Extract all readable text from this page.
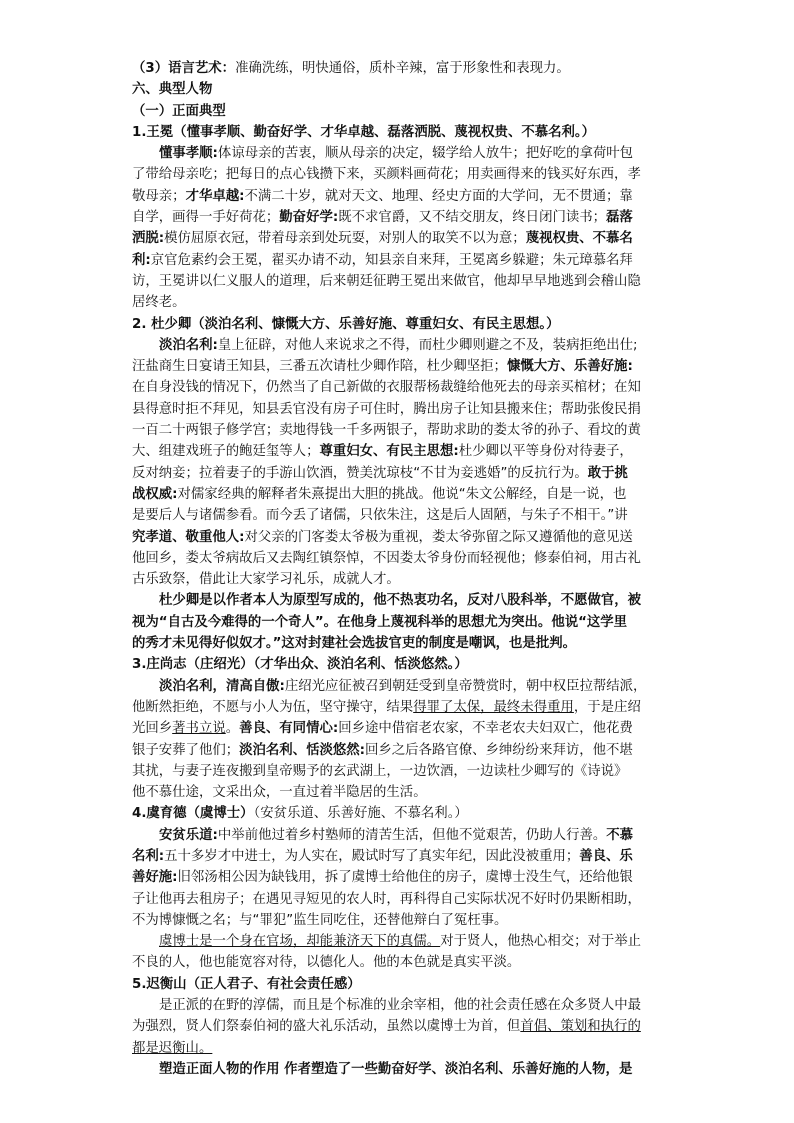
（3）语言艺术：准确洗练，明快通俗，质朴辛辣，富于形象性和表现力。
六、典型人物
（一）正面典型
1.王冕（懂事孝顺、勤奋好学、才华卓越、磊落洒脱、蔑视权贵、不慕名利。）
懂事孝顺:体谅母亲的苦衷，顺从母亲的决定，辍学给人放牛；把好吃的拿荷叶包
了带给母亲吃；把每日的点心钱攒下来，买颜料画荷花；用卖画得来的钱买好东西，孝
敬母亲；才华卓越:不满二十岁，就对天文、地理、经史方面的大学问，无不贯通；靠
自学，画得一手好荷花；勤奋好学:既不求官爵，又不结交朋友，终日闭门读书；磊落
洒脱:模仿屈原衣冠，带着母亲到处玩耍，对别人的取笑不以为意；蔑视权贵、不慕名
利:京官危素约会王冕，翟买办请不动，知县亲自来拜，王冕离乡躲避；朱元璋慕名拜
访，王冕讲以仁义服人的道理，后来朝廷征聘王冕出来做官，他却早早地逃到会稽山隐
居终老。
2. 杜少卿（淡泊名利、慷慨大方、乐善好施、尊重妇女、有民主思想。）
淡泊名利:皇上征辟，对他人来说求之不得，而杜少卿则避之不及，装病拒绝出仕;
汪盐商生日宴请王知县，三番五次请杜少卿作陪，杜少卿坚拒；慷慨大方、乐善好施:
在自身没钱的情况下，仍然当了自己新做的衣服帮杨裁缝给他死去的母亲买棺材；在知
县得意时拒不拜见，知县丢官没有房子可住时，腾出房子让知县搬来住；帮助张俊民捐
一百二十两银子修学宫；卖地得钱一千多两银子，帮助求助的娄太爷的孙子、看坟的黄
大、组建戏班子的鲍廷玺等人；尊重妇女、有民主思想:杜少卿以平等身份对待妻子，
反对纳妾；拉着妻子的手游山饮酒，赞美沈琼枝“不甘为妾逃婚”的反抗行为。敢于挑
战权威:对儒家经典的解释者朱熹提出大胆的挑战。他说“朱文公解经，自是一说，也
是要后人与诸儒参看。而今丢了诸儒，只依朱注，这是后人固陋，与朱子不相干。”讲
究孝道、敬重他人:对父亲的门客娄太爷极为重视，娄太爷弥留之际又遵循他的意见送
他回乡，娄太爷病故后又去陶红镇祭悼，不因娄太爷身份而轻视他；修泰伯祠，用古礼
古乐致祭，借此让大家学习礼乐，成就人才。
杜少卿是以作者本人为原型写成的，他不热衷功名，反对八股科举，不愿做官，被
视为“自古及今难得的一个奇人”。在他身上蔑视科举的思想尤为突出。他说“这学里
的秀才未见得好似奴才。”这对封建社会选拔官吏的制度是嘲讽，也是批判。
3.庄尚志（庄绍光）（才华出众、淡泊名利、恬淡悠然。）
淡泊名利，清高自傲:庄绍光应征被召到朝廷受到皇帝赞赏时，朝中权臣拉帮结派，
他断然拒绝，不愿与小人为伍，坚守操守，结果得罪了太保，最终未得重用，于是庄绍
光回乡著书立说。善良、有同情心:回乡途中借宿老农家，不幸老农夫妇双亡，他花费
银子安葬了他们；淡泊名利、恬淡悠然:回乡之后各路官僚、乡绅纷纷来拜访，他不堪
其扰，与妻子连夜搬到皇帝赐予的玄武湖上，一边饮酒，一边读杜少卿写的《诗说》
他不慕仕途，文采出众，一直过着半隐居的生活。
4.虞育德（虞博士）（安贫乐道、乐善好施、不慕名利。）
安贫乐道:中举前他过着乡村塾师的清苦生活，但他不觉艰苦，仍助人行善。不慕
名利:五十多岁才中进士，为人实在，殿试时写了真实年纪，因此没被重用；善良、乐
善好施:旧邻汤相公因为缺钱用，拆了虞博士给他住的房子，虞博士没生气，还给他银
子让他再去租房子；在遇见寻短见的农人时，再科得自己实际状况不好时仍果断相助，
不为博慷慨之名；与“罪犯”监生同吃住，还替他辩白了冤枉事。
虞博士是一个身在官场，却能兼济天下的真儒。对于贤人，他热心相交；对于举止
不良的人，他也能宽容对待，以德化人。他的本色就是真实平淡。
5.迟衡山（正人君子、有社会责任感）
是正派的在野的淳儒，而且是个标准的业余宰相，他的社会责任感在众多贤人中最
为强烈，贤人们祭泰伯祠的盛大礼乐活动，虽然以虞博士为首，但首倡、策划和执行的
都是迟衡山。
塑造正面人物的作用 作者塑造了一些勤奋好学、淡泊名利、乐善好施的人物，是
